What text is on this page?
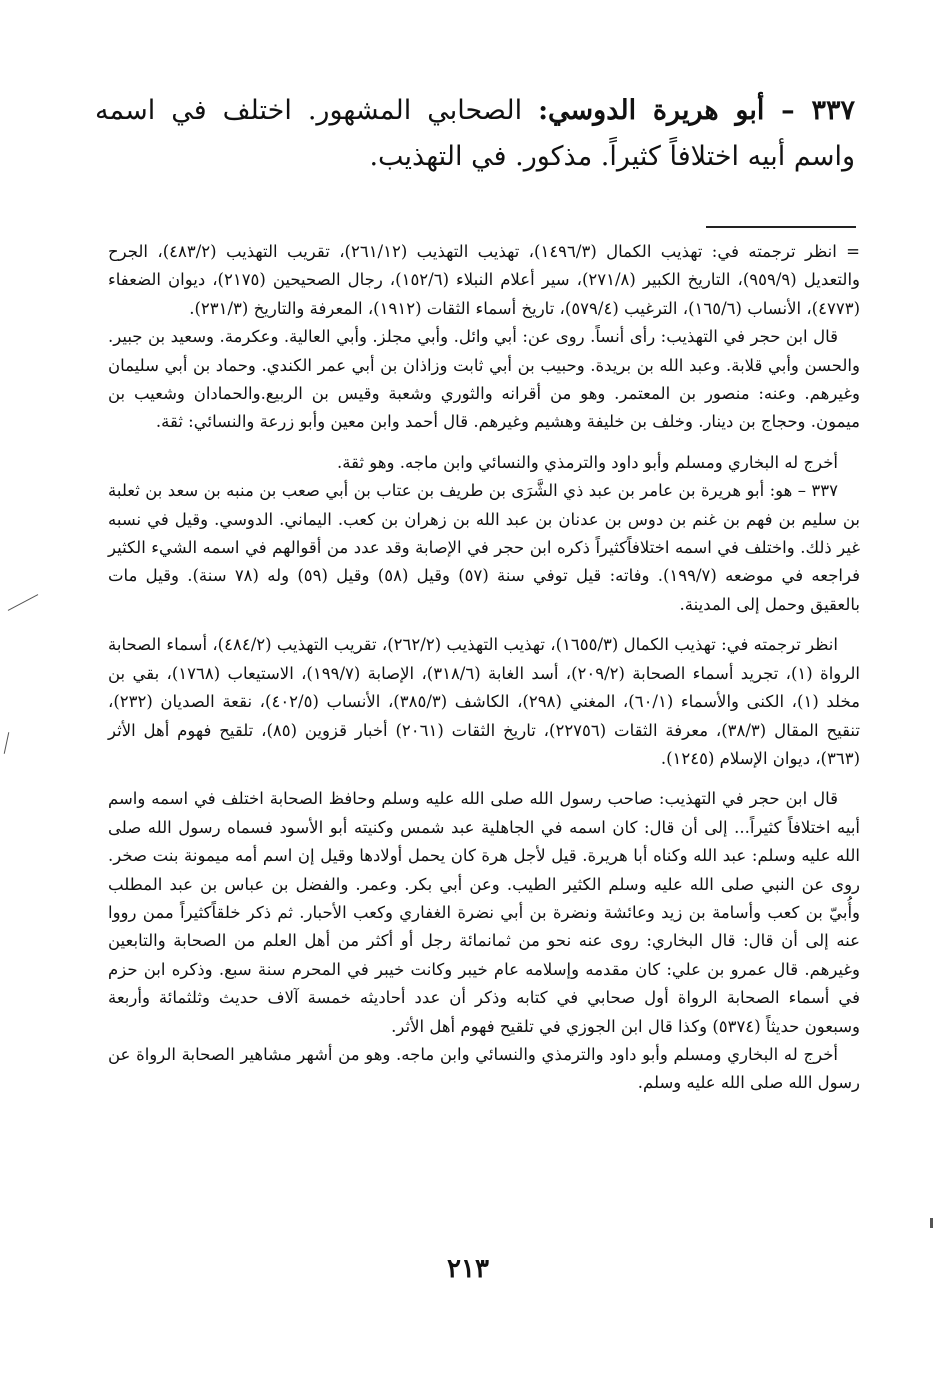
٣٣٧ – أبو هريرة الدوسي: الصحابي المشهور. اختلف في اسمه واسم أبيه اختلافاً كثيراً. مذكور. في التهذيب.

= انظر ترجمته في: تهذيب الكمال (١٤٩٦/٣)، تهذيب التهذيب (٢٦١/١٢)، تقريب التهذيب (٤٨٣/٢)، الجرح والتعديل (٩٥٩/٩)، التاريخ الكبير (٢٧١/٨)، سير أعلام النبلاء (١٥٢/٦)، رجال الصحيحين (٢١٧٥)، ديوان الضعفاء (٤٧٧٣)، الأنساب (١٦٥/٦)، الترغيب (٥٧٩/٤)، تاريخ أسماء الثقات (١٩١٢)، المعرفة والتاريخ (٢٣١/٣).

قال ابن حجر في التهذيب: رأى أنساً. روى عن: أبي وائل. وأبي مجلز. وأبي العالية. وعكرمة. وسعيد بن جبير. والحسن وأبي قلابة. وعبد الله بن بريدة. وحبيب بن أبي ثابت وزاذان بن أبي عمر الكندي. وحماد بن أبي سليمان وغيرهم. وعنه: منصور بن المعتمر. وهو من أقرانه والثوري وشعبة وقيس بن الربيع.والحمادان وشعيب بن ميمون. وحجاج بن دينار. وخلف بن خليفة وهشيم وغيرهم. قال أحمد وابن معين وأبو زرعة والنسائي: ثقة.

أخرج له البخاري ومسلم وأبو داود والترمذي والنسائي وابن ماجه. وهو ثقة.

٣٣٧ – هو: أبو هريرة بن عامر بن عبد ذي الشَّرَى بن طريف بن عتاب بن أبي صعب بن منبه بن سعد بن ثعلبة بن سليم بن فهم بن غنم بن دوس بن عدنان بن عبد الله بن زهران بن كعب. اليماني. الدوسي. وقيل في نسبه غير ذلك. واختلف في اسمه اختلافاًكثيراً ذكره ابن حجر في الإصابة وقد عدد من أقوالهم في اسمه الشيء الكثير فراجعه في موضعه (١٩٩/٧). وفاته: قيل توفي سنة (٥٧) وقيل (٥٨) وقيل (٥٩) وله (٧٨ سنة). وقيل مات بالعقيق وحمل إلى المدينة.

انظر ترجمته في: تهذيب الكمال (١٦٥٥/٣)، تهذيب التهذيب (٢٦٢/٢)، تقريب التهذيب (٤٨٤/٢)، أسماء الصحابة الرواة (١)، تجريد أسماء الصحابة (٢٠٩/٢)، أسد الغابة (٣١٨/٦)، الإصابة (١٩٩/٧)، الاستيعاب (١٧٦٨)، بقي بن مخلد (١)، الكنى والأسماء (٦٠/١)، المغني (٢٩٨)، الكاشف (٣٨٥/٣)، الأنساب (٤٠٢/٥)، نقعة الصديان (٢٣٢)، تنقيح المقال (٣٨/٣)، معرفة الثقات (٢٢٧٥٦)، تاريخ الثقات (٢٠٦١) أخبار قزوين (٨٥)، تلقيح فهوم أهل الأثر (٣٦٣)، ديوان الإسلام (١٢٤٥).

قال ابن حجر في التهذيب: صاحب رسول الله صلى الله عليه وسلم وحافظ الصحابة اختلف في اسمه واسم أبيه اختلافاً كثيراً... إلى أن قال: كان اسمه في الجاهلية عبد شمس وكنيته أبو الأسود فسماه رسول الله صلى الله عليه وسلم: عبد الله وكناه أبا هريرة. قيل لأجل هرة كان يحمل أولادها وقيل إن اسم أمه ميمونة بنت صخر. روى عن النبي صلى الله عليه وسلم الكثير الطيب. وعن أبي بكر. وعمر. والفضل بن عباس بن عبد المطلب وأُبيّ بن كعب وأسامة بن زيد وعائشة ونضرة بن أبي نضرة الغفاري وكعب الأحبار. ثم ذكر خلقاًكثيراً ممن رووا عنه إلى أن قال: قال البخاري: روى عنه نحو من ثمانمائة رجل أو أكثر من أهل العلم من الصحابة والتابعين وغيرهم. قال عمرو بن علي: كان مقدمه وإسلامه عام خيبر وكانت خيبر في المحرم سنة سبع. وذكره ابن حزم في أسماء الصحابة الرواة أول صحابي في كتابه وذكر أن عدد أحاديثه خمسة آلاف حديث وثلثمائة وأربعة وسبعون حديثاً (٥٣٧٤) وكذا قال ابن الجوزي في تلقيح فهوم أهل الأثر.

أخرج له البخاري ومسلم وأبو داود والترمذي والنسائي وابن ماجه. وهو من أشهر مشاهير الصحابة الرواة عن رسول الله صلى الله عليه وسلم.

٢١٣
